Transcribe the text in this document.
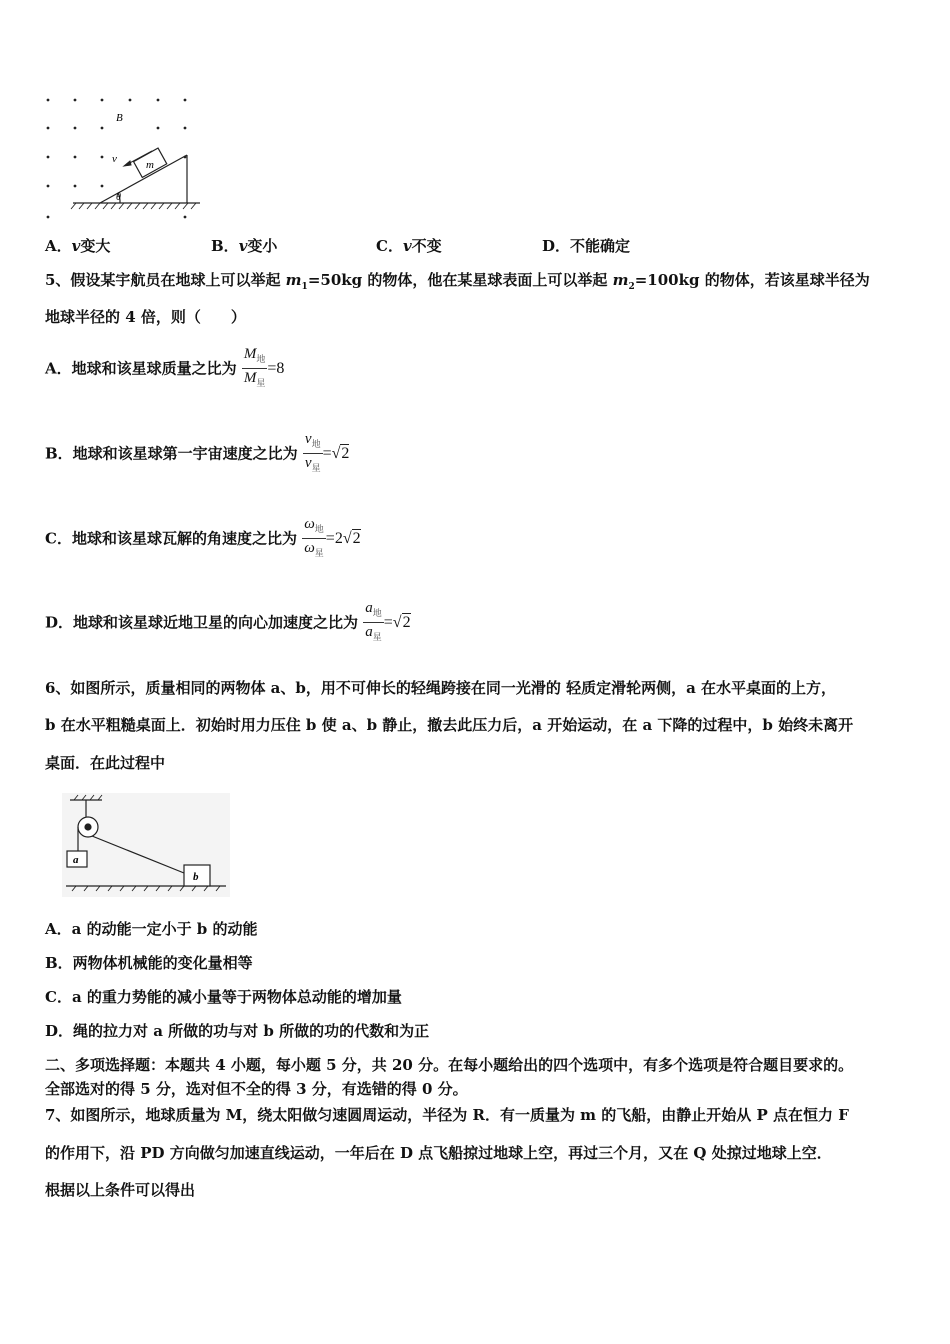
B
m
v
θ
A．v变大	B．v变小	C．v不变	D．不能确定
5、假设某宇航员在地球上可以举起 $m_1=50kg$ 的物体，他在某星球表面上可以举起 $m_2=100kg$ 的物体，若该星球半径为
地球半径的 4 倍，则（　　）
A．地球和该星球质量之比为 $\frac{M_地}{M_星} =8$
B．地球和该星球第一宇宙速度之比为 $\frac{v_地}{v_星} =√2$
C．地球和该星球瓦解的角速度之比为 $\frac{\omega_地}{\omega_星} =2√2$
D．地球和该星球近地卫星的向心加速度之比为 $\frac{a_地}{a_星} =√2$
6、如图所示，质量相同的两物体 a、b，用不可伸长的轻绳跨接在同一光滑的 轻质定滑轮两侧，a 在水平桌面的上方，
b 在水平粗糙桌面上．初始时用力压住 b 使 a、b 静止，撤去此压力后，a 开始运动，在 a 下降的过程中，b 始终未离开
桌面．在此过程中
a
b
A．a 的动能一定小于 b 的动能
B．两物体机械能的变化量相等
C．a 的重力势能的减小量等于两物体总动能的增加量
D．绳的拉力对 a 所做的功与对 b 所做的功的代数和为正
二、多项选择题：本题共 4 小题，每小题 5 分，共 20 分。在每小题给出的四个选项中，有多个选项是符合题目要求的。
全部选对的得 5 分，选对但不全的得 3 分，有选错的得 0 分。
7、如图所示，地球质量为 M，绕太阳做匀速圆周运动，半径为 R．有一质量为 m 的飞船，由静止开始从 P 点在恒力 F
的作用下，沿 PD 方向做匀加速直线运动，一年后在 D 点飞船掠过地球上空，再过三个月，又在 Q 处掠过地球上空．
根据以上条件可以得出
